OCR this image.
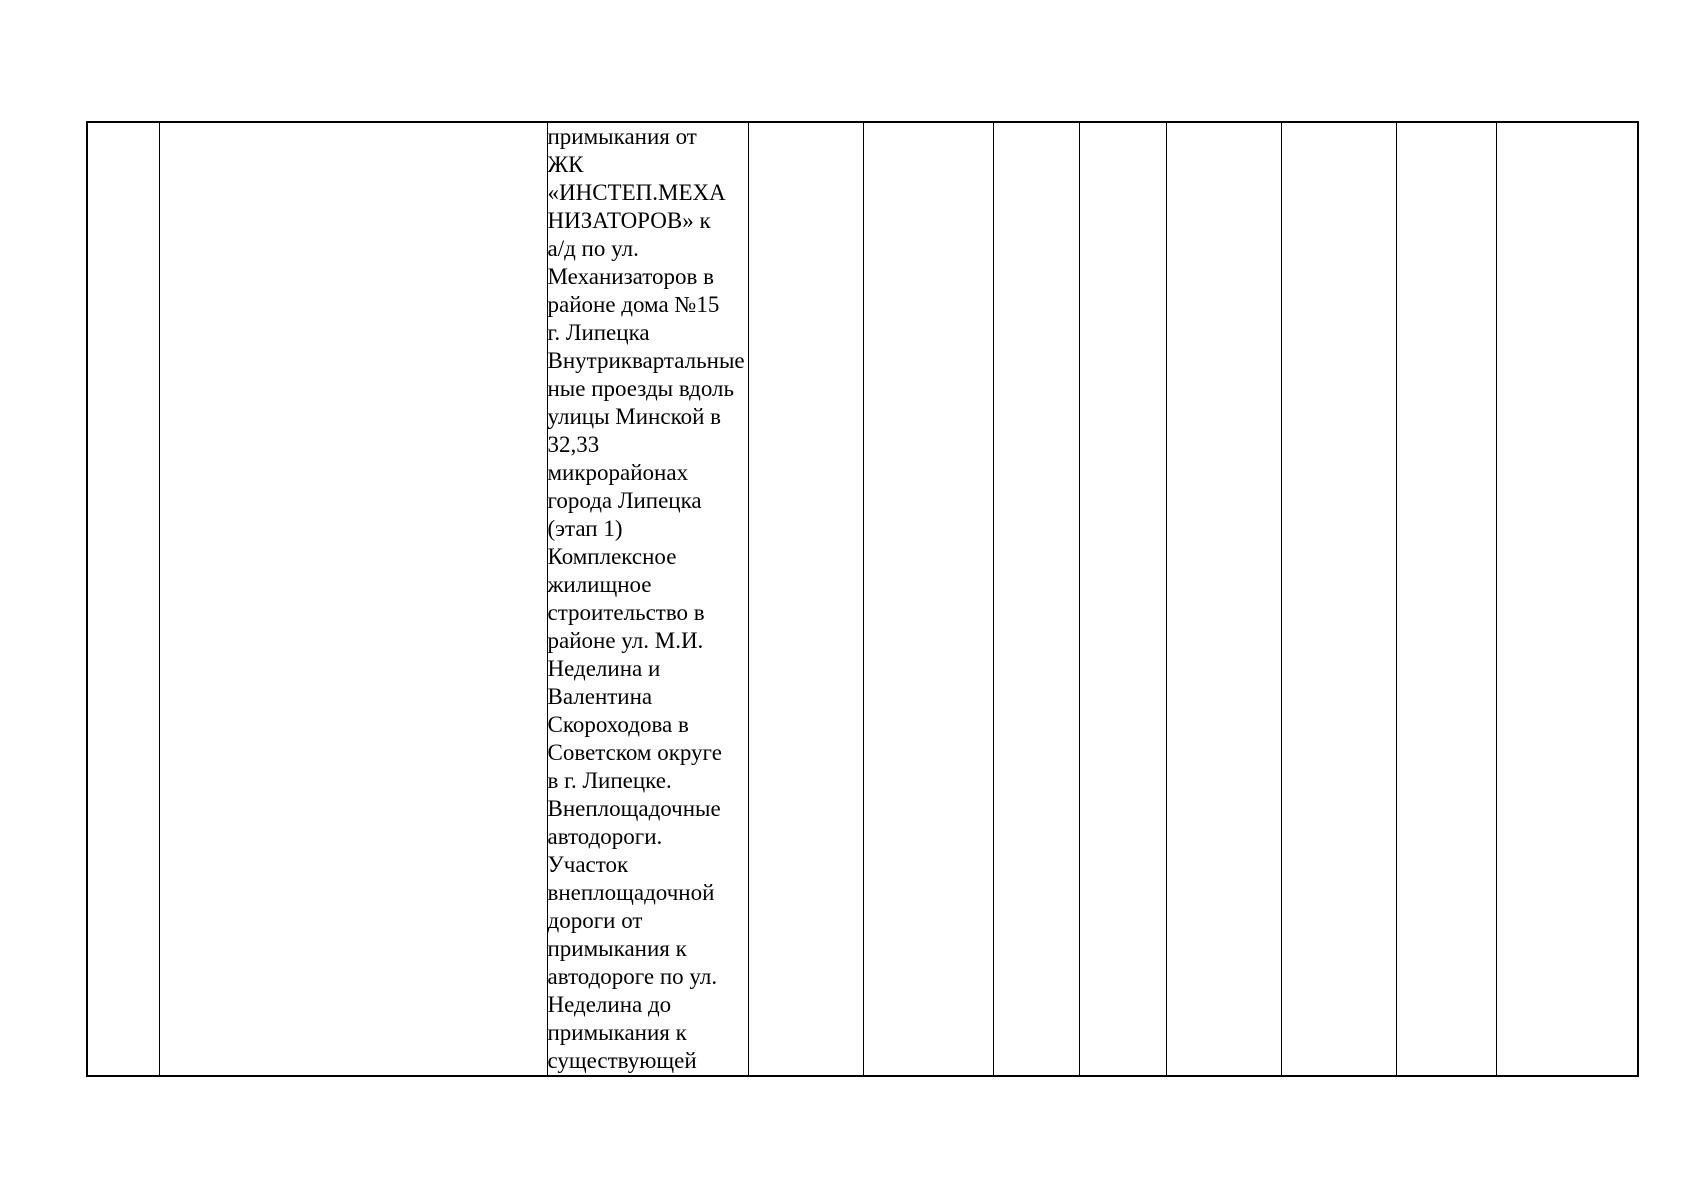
примыкания от
ЖК
«ИНСТЕП.МЕХА
НИЗАТОРОВ» к
а/д по ул.
Механизаторов в
районе дома №15
г. Липецка
Внутриквартальные
ные проезды вдоль
улицы Минской в
32,33
микрорайонах
города Липецка
(этап 1)
Комплексное
жилищное
строительство в
районе ул. М.И.
Неделина и
Валентина
Скороходова в
Советском округе
в г. Липецке.
Внеплощадочные
автодороги.
Участок
внеплощадочной
дороги от
примыкания к
автодороге по ул.
Неделина до
примыкания к
существующей
